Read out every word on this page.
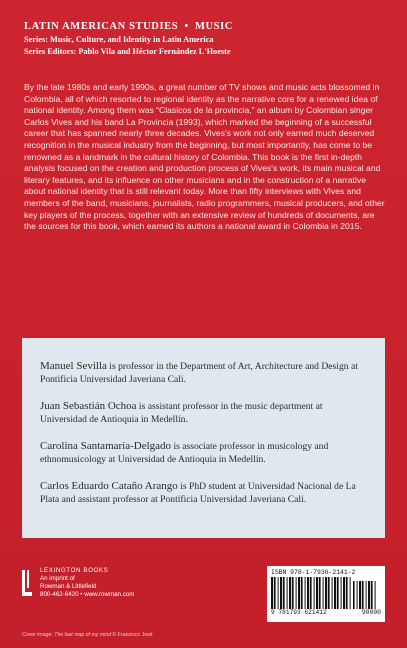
LATIN AMERICAN STUDIES • MUSIC
Series: Music, Culture, and Identity in Latin America
Series Editors: Pablo Vila and Héctor Fernández L'Hoeste

By the late 1980s and early 1990s, a great number of TV shows and music acts blossomed in Colombia, all of which resorted to regional identity as the narrative core for a renewed idea of national identity. Among them was “Clasicos de la provincia,” an album by Colombian singer Carlos Vives and his band La Provincia (1993), which marked the beginning of a successful career that has spanned nearly three decades. Vives's work not only earned much deserved recognition in the musical industry from the beginning, but most importantly, has come to be renowned as a landmark in the cultural history of Colombia. This book is the first in-depth analysis focused on the creation and production process of Vives's work, its main musical and literary features, and its influence on other musicians and in the construction of a narrative about national identity that is still relevant today. More than fifty interviews with Vives and members of the band, musicians, journalists, radio programmers, musical producers, and other key players of the process, together with an extensive review of hundreds of documents, are the sources for this book, which earned its authors a national award in Colombia in 2015.

Manuel Sevilla is professor in the Department of Art, Architecture and Design at Pontificia Universidad Javeriana Cali.

Juan Sebastián Ochoa is assistant professor in the music department at Universidad de Antioquia in Medellín.

Carolina Santamaría-Delgado is associate professor in musicology and ethnomusicology at Universidad de Antioquia in Medellín.

Carlos Eduardo Cataño Arango is PhD student at Universidad Nacional de La Plata and assistant professor at Pontificia Universidad Javeriana Cali.

LEXINGTON BOOKS
An imprint of
Rowman & Littlefield
800-462-6420 • www.rowman.com
ISBN 978-1-7936-2141-2
9 781793 621412	90000
Cover image: The last map of my mind © Francisco José
